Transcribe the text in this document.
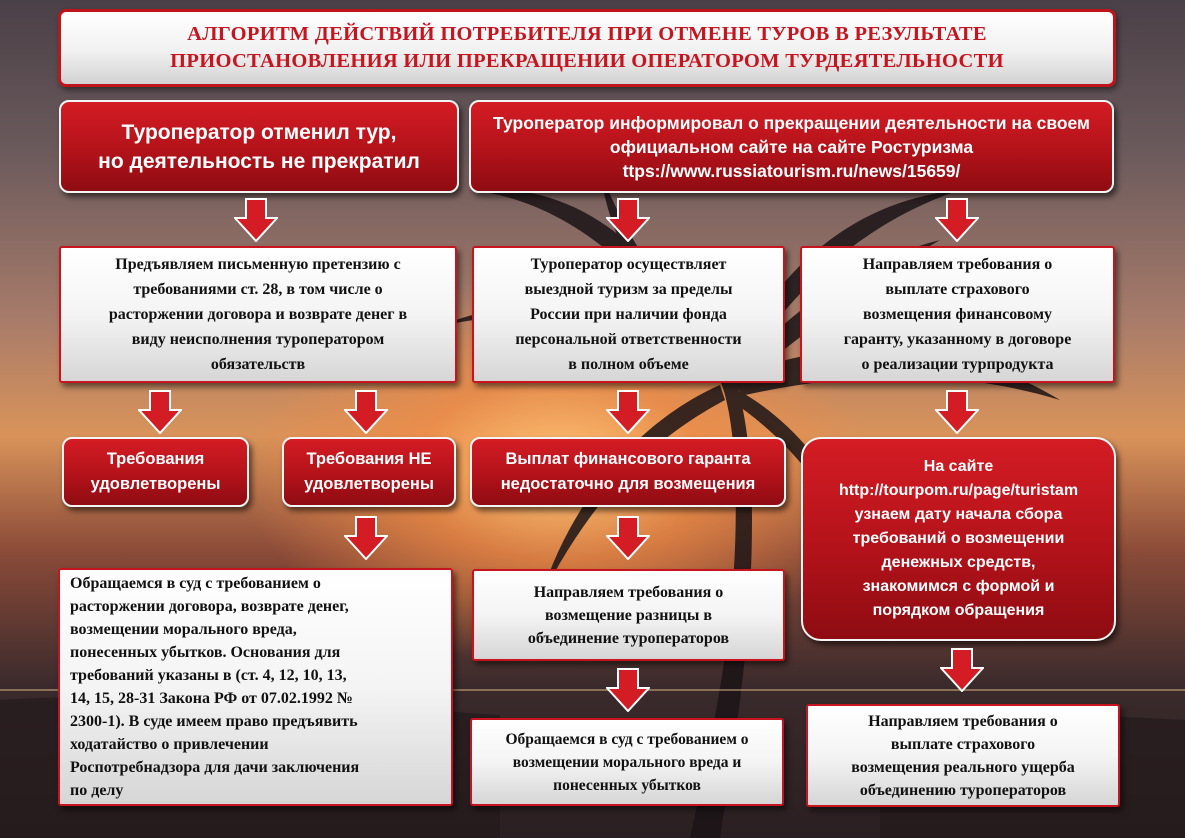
АЛГОРИТМ ДЕЙСТВИЙ ПОТРЕБИТЕЛЯ ПРИ ОТМЕНЕ ТУРОВ В РЕЗУЛЬТАТЕ
ПРИОСТАНОВЛЕНИЯ ИЛИ ПРЕКРАЩЕНИИ ОПЕРАТОРОМ ТУРДЕЯТЕЛЬНОСТИ
Туроператор отменил тур,
но деятельность не прекратил
Туроператор информировал о прекращении деятельности на своем
официальном сайте на сайте Ростуризма
ttps://www.russiatourism.ru/news/15659/
Предъявляем письменную претензию с
требованиями ст. 28, в том числе о
расторжении договора и возврате денег в
виду неисполнения туроператором
обязательств
Туроператор осуществляет
выездной туризм за пределы
России при наличии фонда
персональной ответственности
в полном объеме
Направляем требования о
выплате страхового
возмещения финансовому
гаранту, указанному в договоре
о реализации турпродукта
Требования
удовлетворены
Требования НЕ
удовлетворены
Выплат финансового гаранта
недостаточно для возмещения
На сайте
http://tourpom.ru/page/turistam
узнаем дату начала сбора
требований о возмещении
денежных средств,
знакомимся с формой и
порядком обращения
Обращаемся в суд с требованием о
расторжении договора, возврате денег,
возмещении морального вреда,
понесенных убытков. Основания для
требований указаны в (ст. 4, 12, 10, 13,
14, 15, 28-31 Закона РФ от 07.02.1992 №
2300-1). В суде имеем право предъявить
ходатайство о привлечении
Роспотребнадзора для дачи заключения
по делу
Направляем требования о
возмещение разницы в
объединение туроператоров
Обращаемся в суд с требованием о
возмещении морального вреда и
понесенных убытков
Направляем требования о
выплате страхового
возмещения реального ущерба
объединению туроператоров
